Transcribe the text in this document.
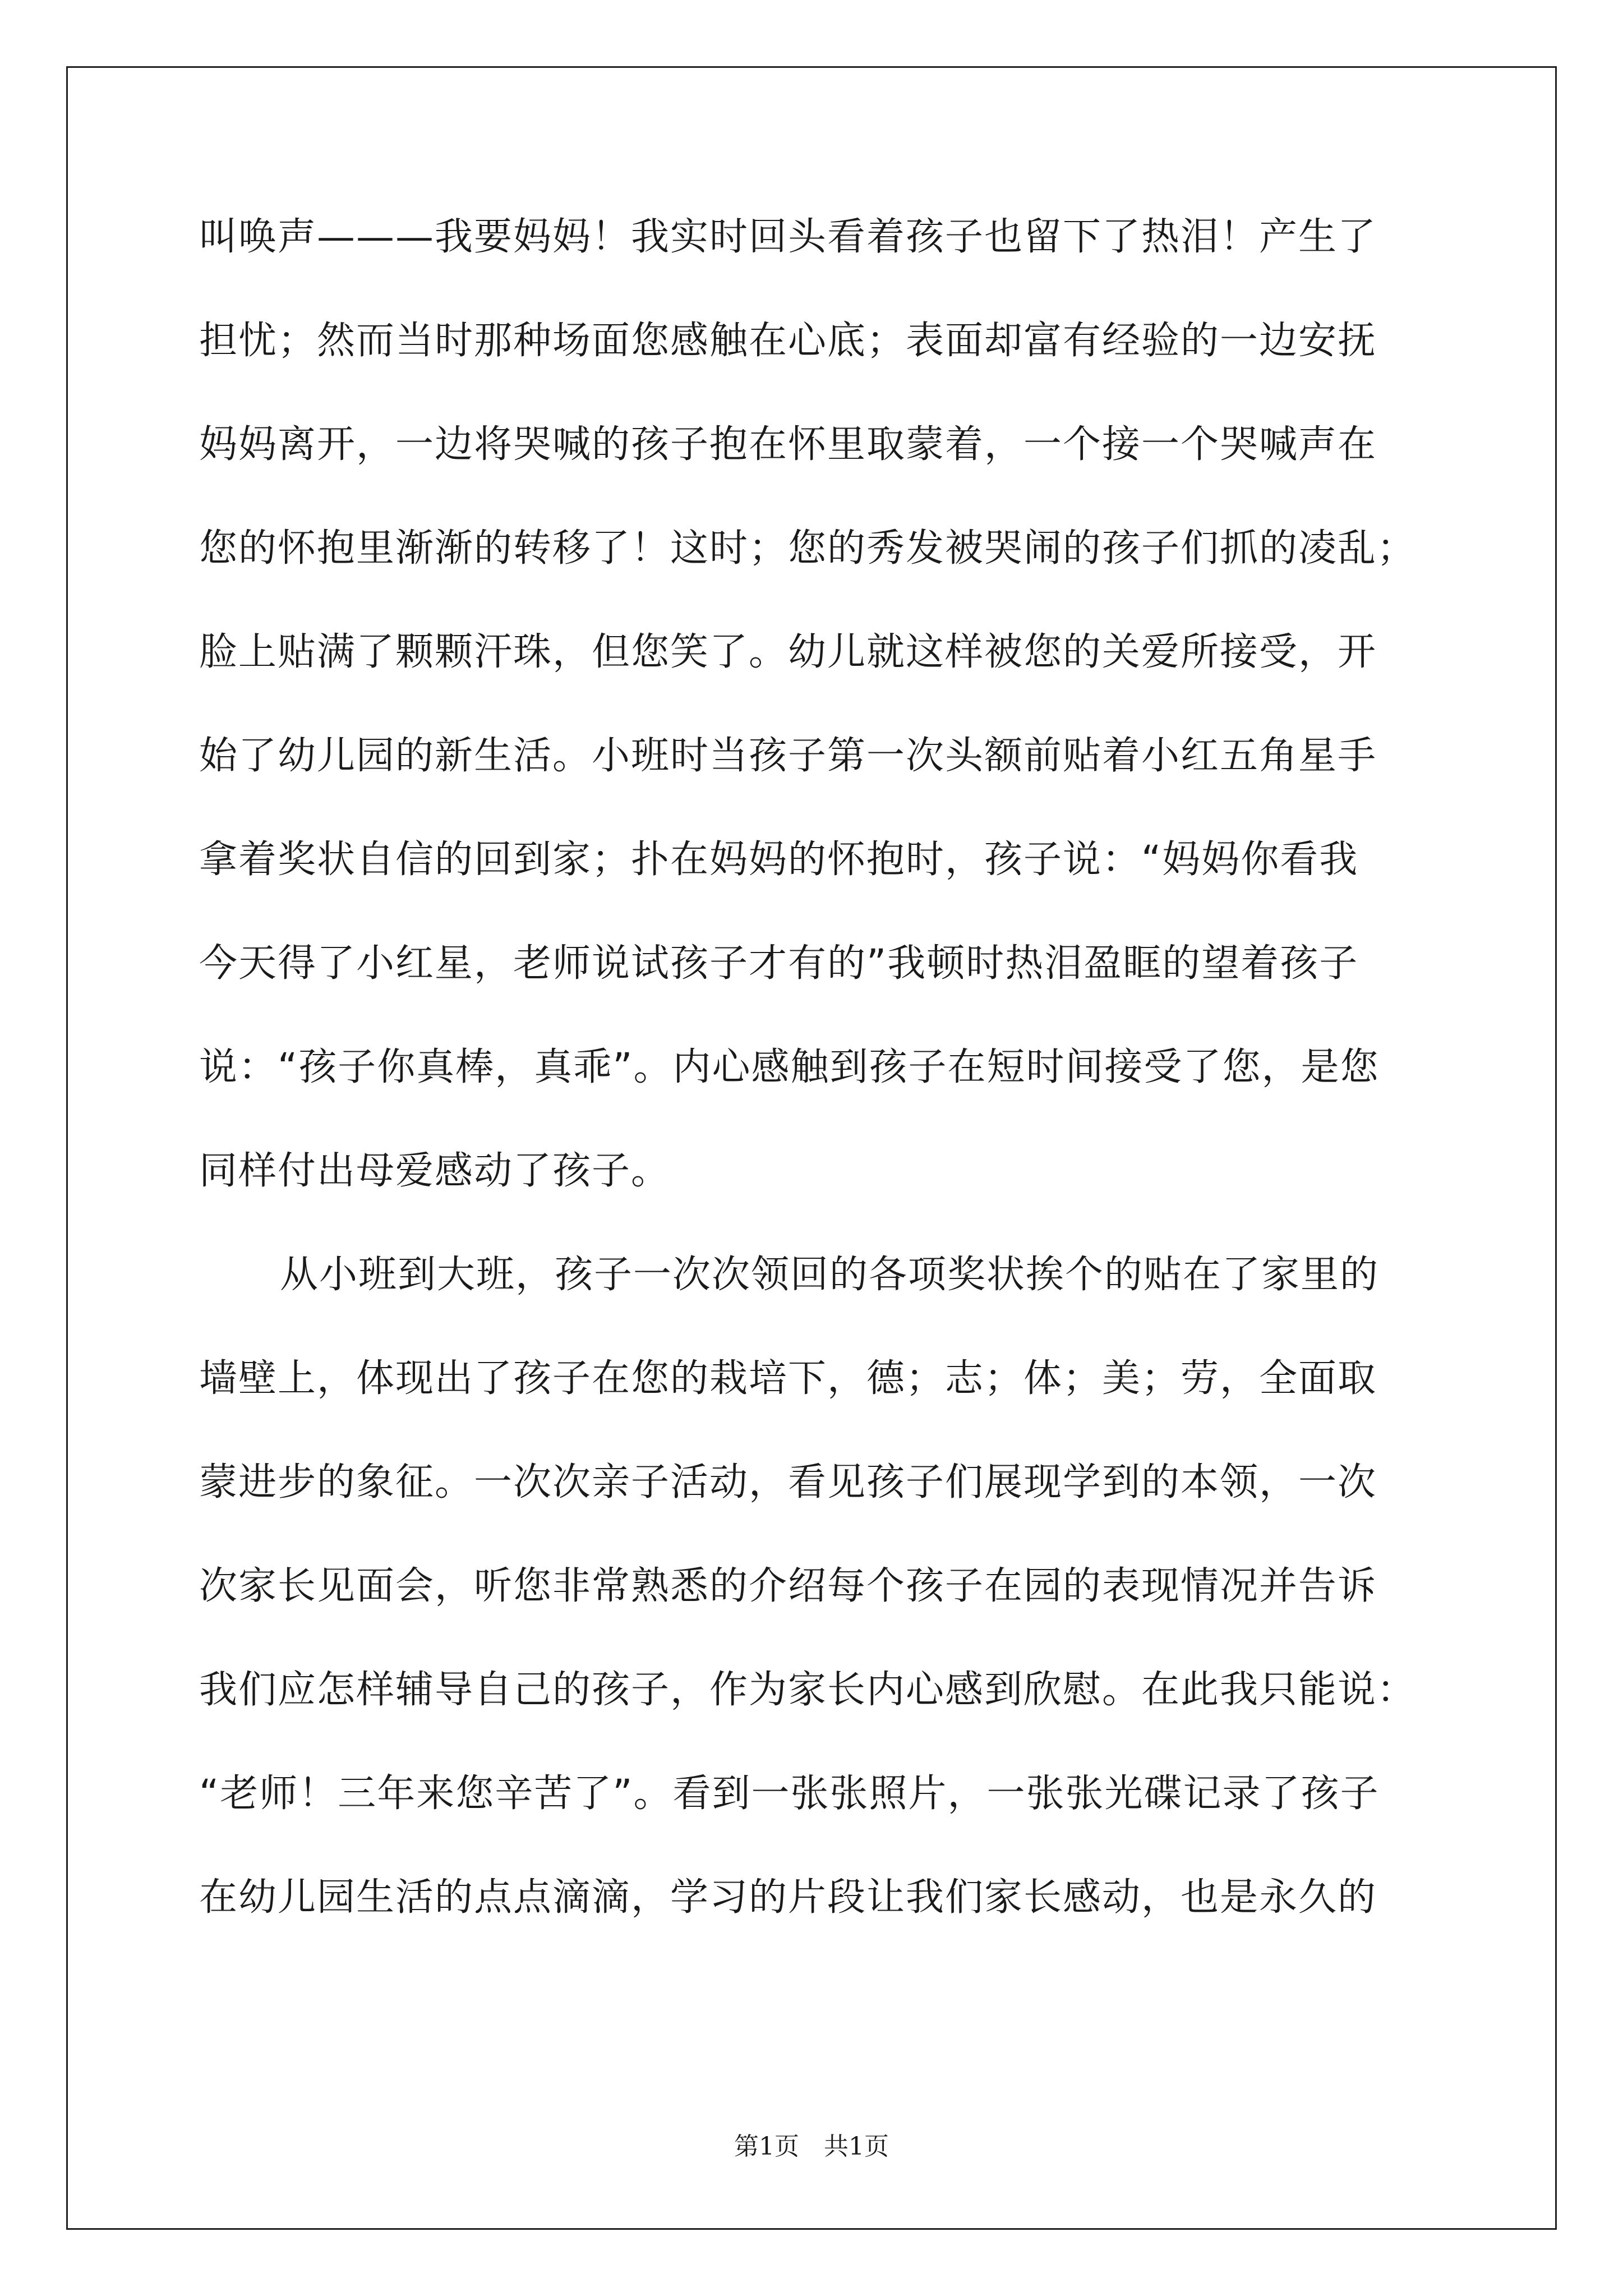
叫唤声———我要妈妈！我实时回头看着孩子也留下了热泪！产生了
担忧；然而当时那种场面您感触在心底；表面却富有经验的一边安抚
妈妈离开，一边将哭喊的孩子抱在怀里取蒙着，一个接一个哭喊声在
您的怀抱里渐渐的转移了！这时；您的秀发被哭闹的孩子们抓的凌乱；
脸上贴满了颗颗汗珠，但您笑了。幼儿就这样被您的关爱所接受，开
始了幼儿园的新生活。小班时当孩子第一次头额前贴着小红五角星手
拿着奖状自信的回到家；扑在妈妈的怀抱时，孩子说：“妈妈你看我
今天得了小红星，老师说试孩子才有的”我顿时热泪盈眶的望着孩子
说：“孩子你真棒，真乖”。内心感触到孩子在短时间接受了您，是您
同样付出母爱感动了孩子。
从小班到大班，孩子一次次领回的各项奖状挨个的贴在了家里的
墙壁上，体现出了孩子在您的栽培下，德；志；体；美；劳，全面取
蒙进步的象征。一次次亲子活动，看见孩子们展现学到的本领，一次
次家长见面会，听您非常熟悉的介绍每个孩子在园的表现情况并告诉
我们应怎样辅导自己的孩子，作为家长内心感到欣慰。在此我只能说：
“老师！三年来您辛苦了”。看到一张张照片，一张张光碟记录了孩子
在幼儿园生活的点点滴滴，学习的片段让我们家长感动，也是永久的
第1页　共1页
